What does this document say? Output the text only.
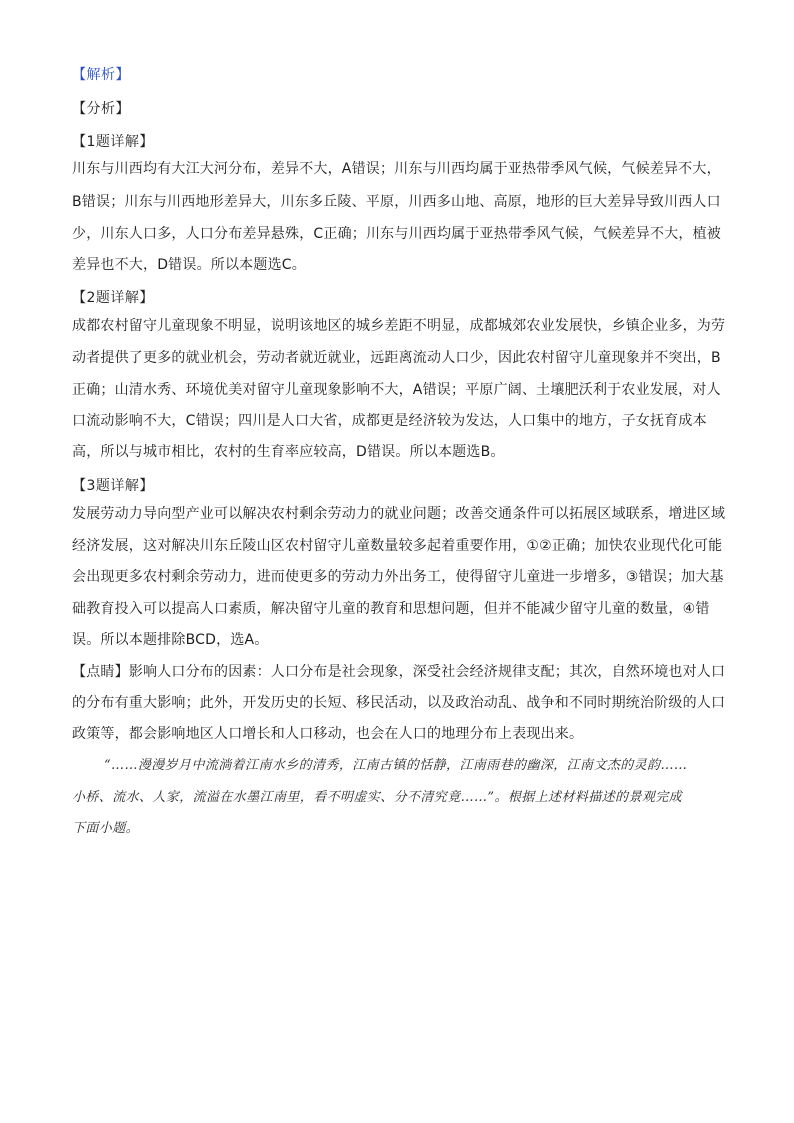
【解析】
【分析】
【1题详解】
川东与川西均有大江大河分布，差异不大，A错误；川东与川西均属于亚热带季风气候，气候差异不大，
B错误；川东与川西地形差异大，川东多丘陵、平原，川西多山地、高原，地形的巨大差异导致川西人口
少，川东人口多，人口分布差异悬殊，C正确；川东与川西均属于亚热带季风气候，气候差异不大，植被
差异也不大，D错误。所以本题选C。
【2题详解】
成都农村留守儿童现象不明显，说明该地区的城乡差距不明显，成都城郊农业发展快，乡镇企业多，为劳
动者提供了更多的就业机会，劳动者就近就业，远距离流动人口少，因此农村留守儿童现象并不突出，B
正确；山清水秀、环境优美对留守儿童现象影响不大，A错误；平原广阔、土壤肥沃利于农业发展，对人
口流动影响不大，C错误；四川是人口大省，成都更是经济较为发达，人口集中的地方，子女抚育成本
高，所以与城市相比，农村的生育率应较高，D错误。所以本题选B。
【3题详解】
发展劳动力导向型产业可以解决农村剩余劳动力的就业问题；改善交通条件可以拓展区域联系，增进区域
经济发展，这对解决川东丘陵山区农村留守儿童数量较多起着重要作用，①②正确；加快农业现代化可能
会出现更多农村剩余劳动力，进而使更多的劳动力外出务工，使得留守儿童进一步增多，③错误；加大基
础教育投入可以提高人口素质，解决留守儿童的教育和思想问题，但并不能减少留守儿童的数量，④错
误。所以本题排除BCD，选A。
【点睛】影响人口分布的因素：人口分布是社会现象，深受社会经济规律支配；其次，自然环境也对人口
的分布有重大影响；此外，开发历史的长短、移民活动，以及政治动乱、战争和不同时期统治阶级的人口
政策等，都会影响地区人口增长和人口移动，也会在人口的地理分布上表现出来。
“……漫漫岁月中流淌着江南水乡的清秀，江南古镇的恬静，江南雨巷的幽深，江南文杰的灵韵……
小桥、流水、人家，流溢在水墨江南里，看不明虚实、分不清究竟……”。根据上述材料描述的景观完成
下面小题。
